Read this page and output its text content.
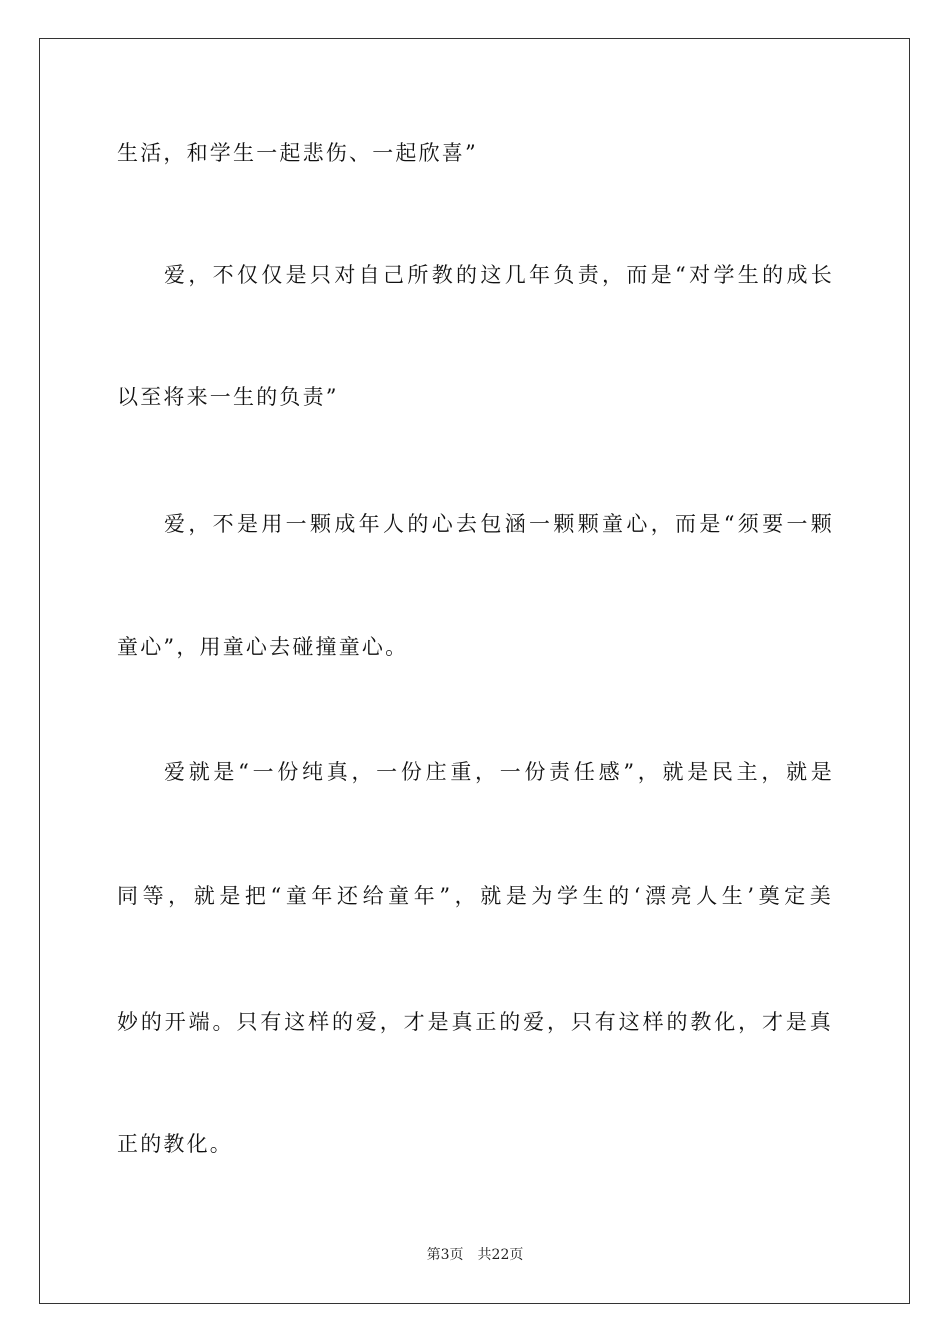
生活，和学生一起悲伤、一起欣喜”
爱，不仅仅是只对自己所教的这几年负责，而是“对学生的成长
以至将来一生的负责”
爱，不是用一颗成年人的心去包涵一颗颗童心，而是“须要一颗
童心”，用童心去碰撞童心。
爱就是“一份纯真，一份庄重，一份责任感”，就是民主，就是
同等，就是把“童年还给童年”，就是为学生的‘漂亮人生’奠定美
妙的开端。只有这样的爱，才是真正的爱，只有这样的教化，才是真
正的教化。
第3页 共22页
